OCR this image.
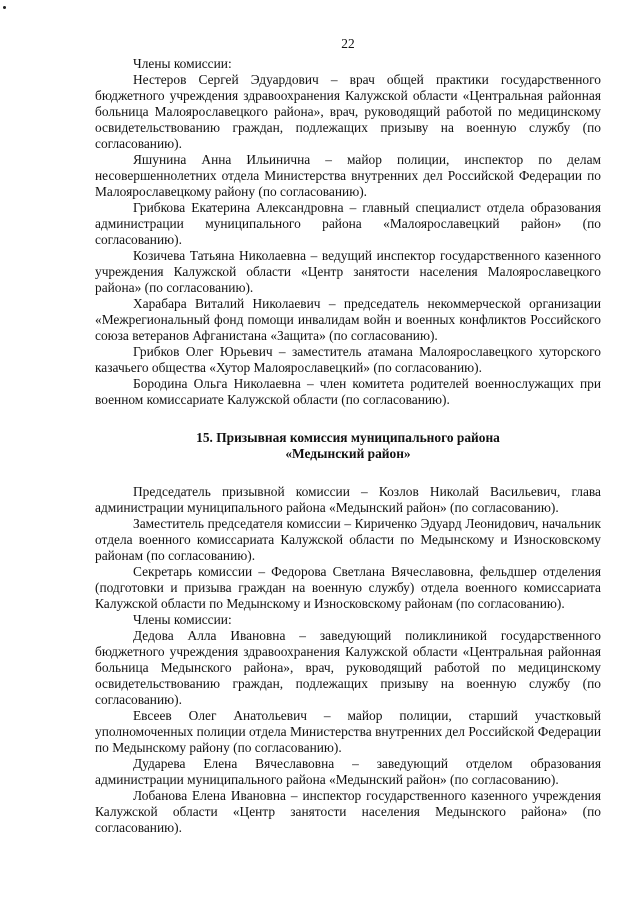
22

Члены комиссии:

Нестеров Сергей Эдуардович – врач общей практики государственного бюджетного учреждения здравоохранения Калужской области «Центральная районная больница Малоярославецкого района», врач, руководящий работой по медицинскому освидетельствованию граждан, подлежащих призыву на военную службу (по согласованию).

Яшунина Анна Ильинична – майор полиции, инспектор по делам несовершеннолетних отдела Министерства внутренних дел Российской Федерации по Малоярославецкому району (по согласованию).

Грибкова Екатерина Александровна – главный специалист отдела образования администрации муниципального района «Малоярославецкий район» (по согласованию).

Козичева Татьяна Николаевна – ведущий инспектор государственного казенного учреждения Калужской области «Центр занятости населения Малоярославецкого района» (по согласованию).

Харабара Виталий Николаевич – председатель некоммерческой организации «Межрегиональный фонд помощи инвалидам войн и военных конфликтов Российского союза ветеранов Афганистана «Защита» (по согласованию).

Грибков Олег Юрьевич – заместитель атамана Малоярославецкого хуторского казачьего общества «Хутор Малоярославецкий» (по согласованию).

Бородина Ольга Николаевна – член комитета родителей военнослужащих при военном комиссариате Калужской области (по согласованию).

15. Призывная комиссия муниципального района
«Медынский район»

Председатель призывной комиссии – Козлов Николай Васильевич, глава администрации муниципального района «Медынский район» (по согласованию).

Заместитель председателя комиссии – Кириченко Эдуард Леонидович, начальник отдела военного комиссариата Калужской области по Медынскому и Износковскому районам (по согласованию).

Секретарь комиссии – Федорова Светлана Вячеславовна, фельдшер отделения (подготовки и призыва граждан на военную службу) отдела военного комиссариата Калужской области по Медынскому и Износковскому районам (по согласованию).

Члены комиссии:

Дедова Алла Ивановна – заведующий поликлиникой государственного бюджетного учреждения здравоохранения Калужской области «Центральная районная больница Медынского района», врач, руководящий работой по медицинскому освидетельствованию граждан, подлежащих призыву на военную службу (по согласованию).

Евсеев Олег Анатольевич – майор полиции, старший участковый уполномоченных полиции отдела Министерства внутренних дел Российской Федерации по Медынскому району (по согласованию).

Дударева Елена Вячеславовна – заведующий отделом образования администрации муниципального района «Медынский район» (по согласованию).

Лобанова Елена Ивановна – инспектор государственного казенного учреждения Калужской области «Центр занятости населения Медынского района» (по согласованию).
